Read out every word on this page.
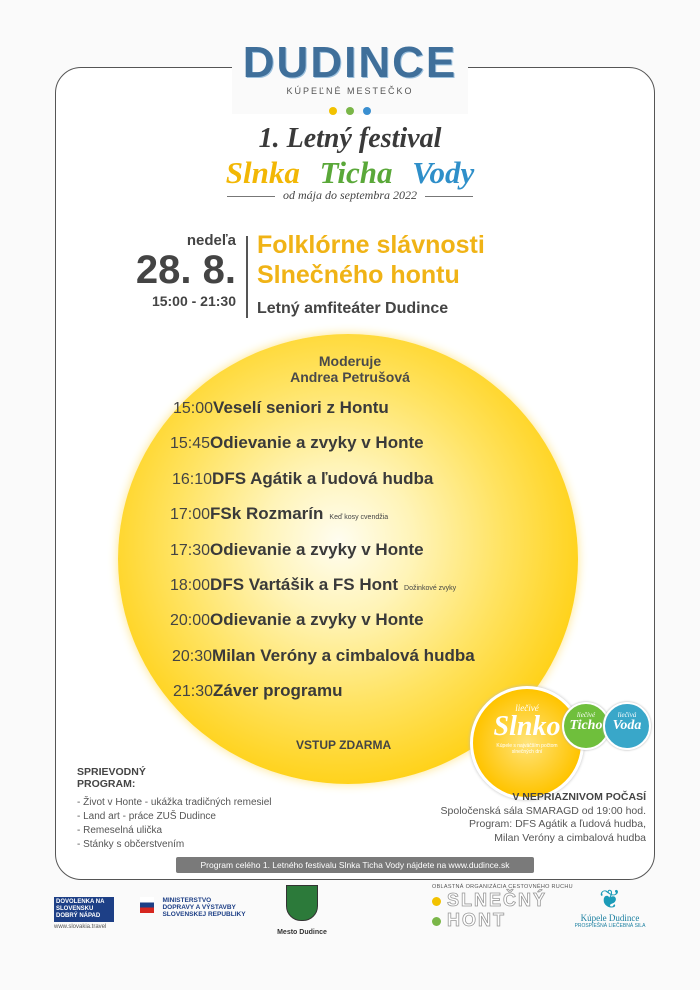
DUDINCE
KÚPEĽNÉ MESTEČKO

1. Letný festival
Slnka Ticha Vody
od mája do septembra 2022
nedeľa
28. 8.
15:00 - 21:30
Folklórne slávnosti
Slnečného hontu
Letný amfiteáter Dudince
Moderuje
Andrea Petrušová
15:00Veselí seniori z Hontu
15:45Odievanie a zvyky v Honte
16:10DFS Agátik a ľudová hudba
17:00FSk Rozmarín Keď kosy cvendžia
17:30Odievanie a zvyky v Honte
18:00DFS Vartášik a FS Hont Dožinkové zvyky
20:00Odievanie a zvyky v Honte
20:30Milan Veróny a cimbalová hudba
21:30Záver programu
VSTUP ZDARMA
liečivé
Slnko
Kúpele s najväčším počtom slnečných dní
liečivé
Ticho
liečivá
Voda
SPRIEVODNÝ
PROGRAM:
- Život v Honte - ukážka tradičných remesiel
- Land art - práce ZUŠ Dudince
- Remeselná ulička
- Stánky s občerstvením
V NEPRIAZNIVOM POČASÍ
Spoločenská sála SMARAGD od 19:00 hod.
Program: DFS Agátik a ľudová hudba,
Milan Veróny a cimbalová hudba
Program celého 1. Letného festivalu Slnka Ticha Vody nájdete na www.dudince.sk
DOVOLENKA NA
SLOVENSKU
DOBRÝ NÁPAD
www.slovakia.travel

MINISTERSTVO
DOPRAVY A VÝSTAVBY
SLOVENSKEJ REPUBLIKY
Mesto Dudince
OBLASTNÁ ORGANIZÁCIA CESTOVNÉHO RUCHU
SLNEČNÝ
HONT
❦
Kúpele Dudince
PROSPIEŠNÁ LIEČEBNÁ SILA
